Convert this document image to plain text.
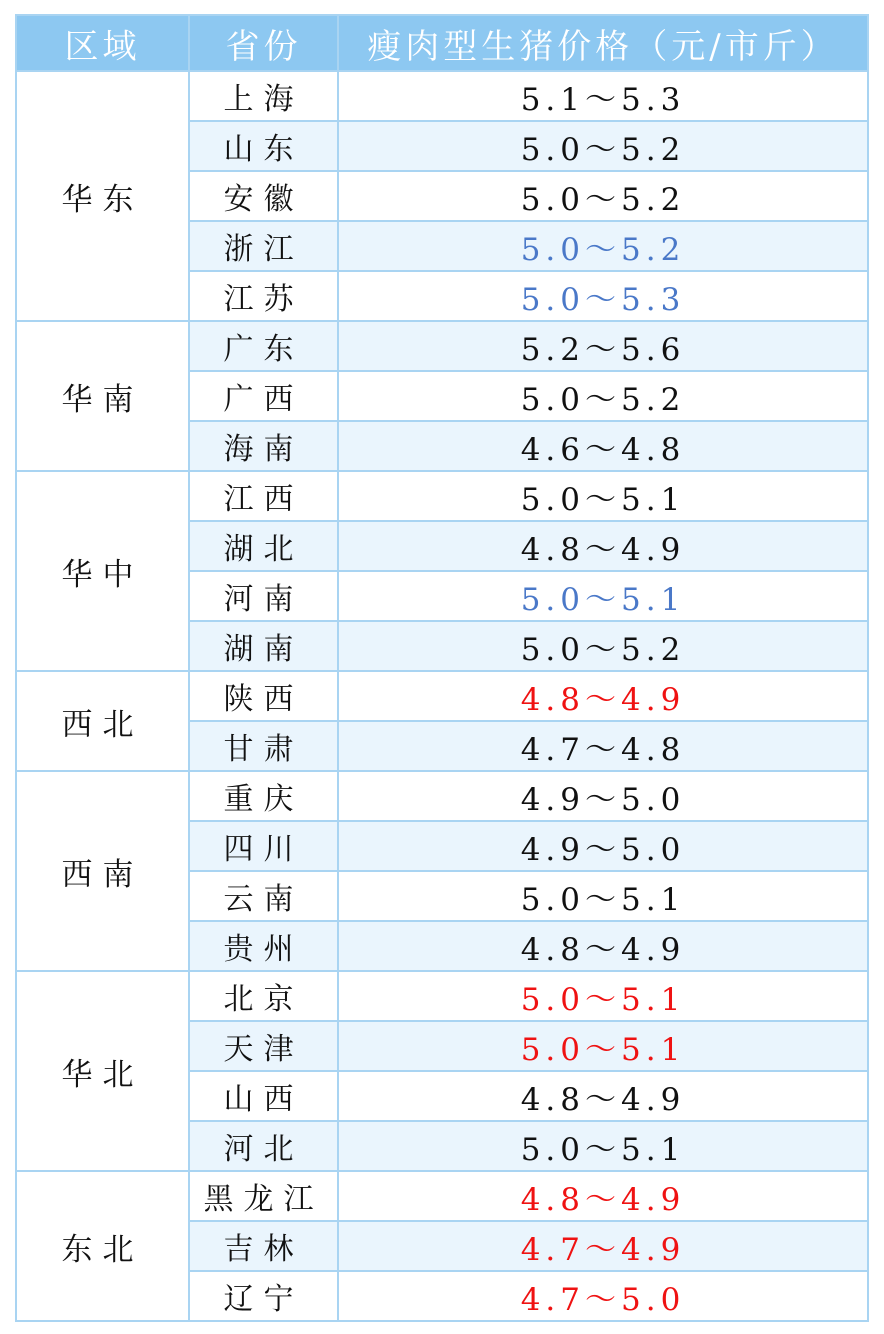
区域	省份	瘦肉型生猪价格（元/市斤）
华东	上海	5.1～5.3
	山东	5.0～5.2
	安徽	5.0～5.2
	浙江	5.0～5.2
	江苏	5.0～5.3
华南	广东	5.2～5.6
	广西	5.0～5.2
	海南	4.6～4.8
华中	江西	5.0～5.1
	湖北	4.8～4.9
	河南	5.0～5.1
	湖南	5.0～5.2
西北	陕西	4.8～4.9
	甘肃	4.7～4.8
西南	重庆	4.9～5.0
	四川	4.9～5.0
	云南	5.0～5.1
	贵州	4.8～4.9
华北	北京	5.0～5.1
	天津	5.0～5.1
	山西	4.8～4.9
	河北	5.0～5.1
东北	黑龙江	4.8～4.9
	吉林	4.7～4.9
	辽宁	4.7～5.0
